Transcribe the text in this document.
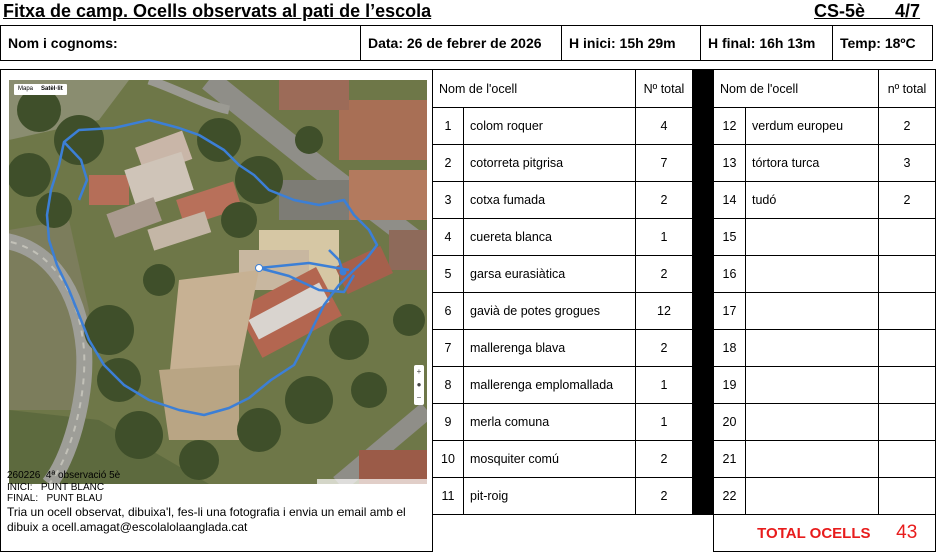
Fitxa de camp. Ocells observats al pati de l’escola	CS-5è      4/7
Nom i cognoms:	Data: 26 de febrer de 2026	H inici: 15h 29m	H final: 16h 13m	Temp: 18ºC
Mapa	Satèl·lit
+
●
−
260226  4ª observació 5è
INICI:   PUNT BLANC
FINAL:   PUNT BLAU
Tria un ocell observat, dibuixa'l, fes-li una fotografia i envia un email amb el dibuix a ocell.amagat@escolalolaanglada.cat
Nom de l'ocell		Nº total		Nom de l'ocell		nº total
1	colom roquer	4		12	verdum europeu	2
2	cotorreta pitgrisa	7		13	tórtora turca	3
3	cotxa fumada	2		14	tudó	2
4	cuereta blanca	1		15		
5	garsa eurasiàtica	2		16		
6	gavià de potes grogues	12		17		
7	mallerenga blava	2		18		
8	mallerenga emplomallada	1		19		
9	merla comuna	1		20		
10	mosquiter comú	2		21		
11	pit-roig	2		22		
				TOTAL OCELLS		43
